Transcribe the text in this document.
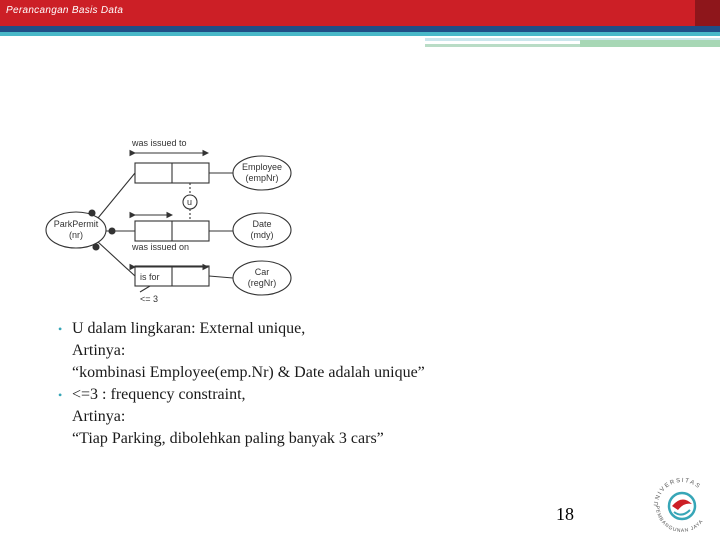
Perancangan Basis Data
was issued to
was issued on
u
is for
<= 3
Employee
(empNr)
Date
(mdy)
Car
(regNr)
ParkPermit
(nr)
• U dalam lingkaran: External unique,
Artinya:
“kombinasi Employee(emp.Nr) & Date adalah unique”
• <=3 : frequency constraint,
Artinya:
“Tiap Parking, dibolehkan paling banyak 3 cars”
18
UNIVERSITAS
PEMBANGUNAN JAYA
